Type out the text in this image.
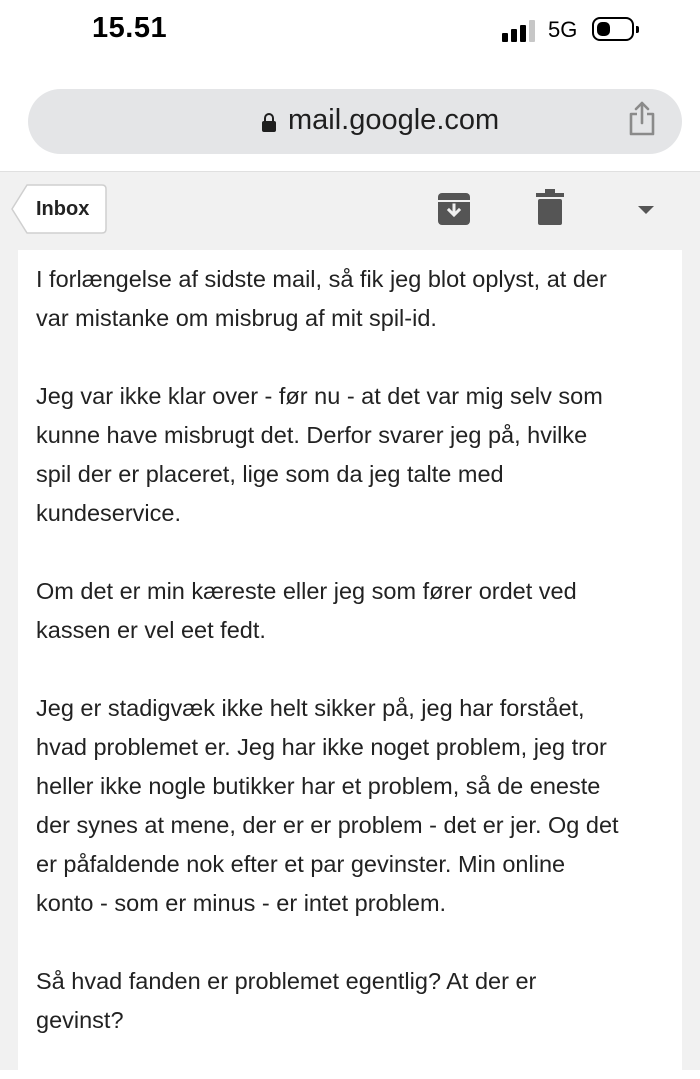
15.51	5G
mail.google.com
Inbox

I forlængelse af sidste mail, så fik jeg blot oplyst, at der
var mistanke om misbrug af mit spil-id.

Jeg var ikke klar over - før nu - at det var mig selv som
kunne have misbrugt det. Derfor svarer jeg på, hvilke
spil der er placeret, lige som da jeg talte med
kundeservice.

Om det er min kæreste eller jeg som fører ordet ved
kassen er vel eet fedt.

Jeg er stadigvæk ikke helt sikker på, jeg har forstået,
hvad problemet er. Jeg har ikke noget problem, jeg tror
heller ikke nogle butikker har et problem, så de eneste
der synes at mene, der er er problem - det er jer. Og det
er påfaldende nok efter et par gevinster. Min online
konto - som er minus - er intet problem.

Så hvad fanden er problemet egentlig? At der er
gevinst?
